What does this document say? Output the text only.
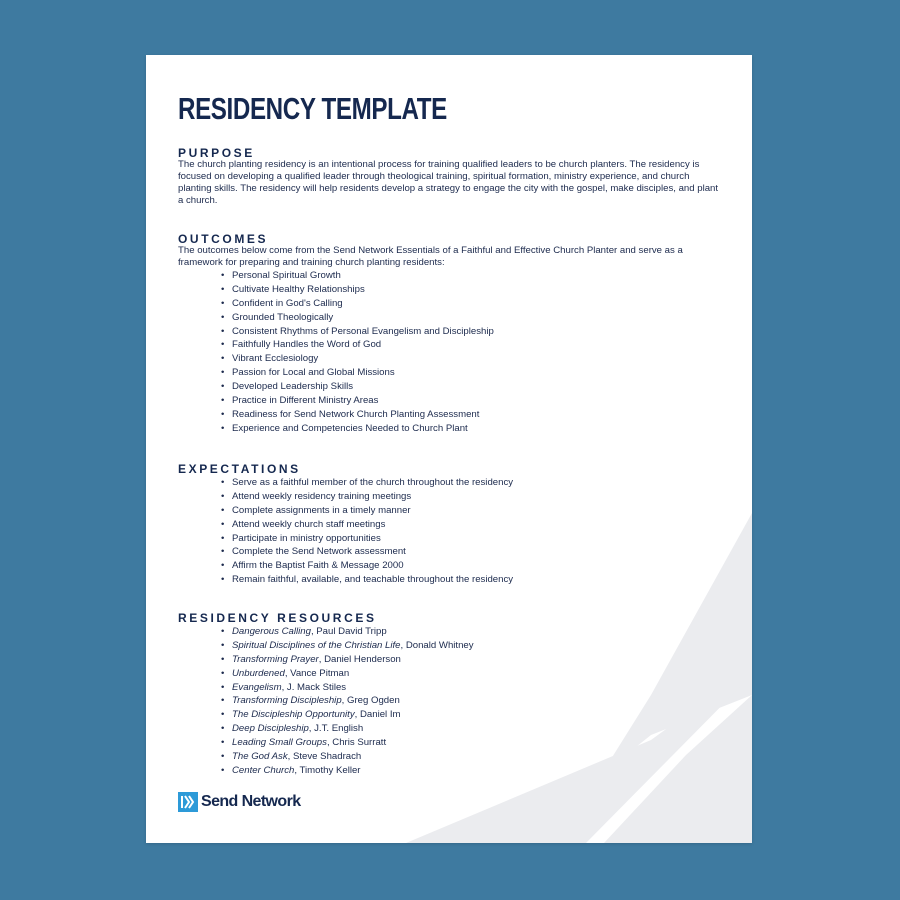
RESIDENCY TEMPLATE
PURPOSE

The church planting residency is an intentional process for training qualified leaders to be church planters. The residency is focused on developing a qualified leader through theological training, spiritual formation, ministry experience, and church planting skills. The residency will help residents develop a strategy to engage the city with the gospel, make disciples, and plant a church.

OUTCOMES

The outcomes below come from the Send Network Essentials of a Faithful and Effective Church Planter and serve as a framework for preparing and training church planting residents:

• Personal Spiritual Growth
• Cultivate Healthy Relationships
• Confident in God's Calling
• Grounded Theologically
• Consistent Rhythms of Personal Evangelism and Discipleship
• Faithfully Handles the Word of God
• Vibrant Ecclesiology
• Passion for Local and Global Missions
• Developed Leadership Skills
• Practice in Different Ministry Areas
• Readiness for Send Network Church Planting Assessment
• Experience and Competencies Needed to Church Plant
EXPECTATIONS
• Serve as a faithful member of the church throughout the residency
• Attend weekly residency training meetings
• Complete assignments in a timely manner
• Attend weekly church staff meetings
• Participate in ministry opportunities
• Complete the Send Network assessment
• Affirm the Baptist Faith & Message 2000
• Remain faithful, available, and teachable throughout the residency
RESIDENCY RESOURCES
• Dangerous Calling, Paul David Tripp
• Spiritual Disciplines of the Christian Life, Donald Whitney
• Transforming Prayer, Daniel Henderson
• Unburdened, Vance Pitman
• Evangelism, J. Mack Stiles
• Transforming Discipleship, Greg Ogden
• The Discipleship Opportunity, Daniel Im
• Deep Discipleship, J.T. English
• Leading Small Groups, Chris Surratt
• The God Ask, Steve Shadrach
• Center Church, Timothy Keller
Send Network
